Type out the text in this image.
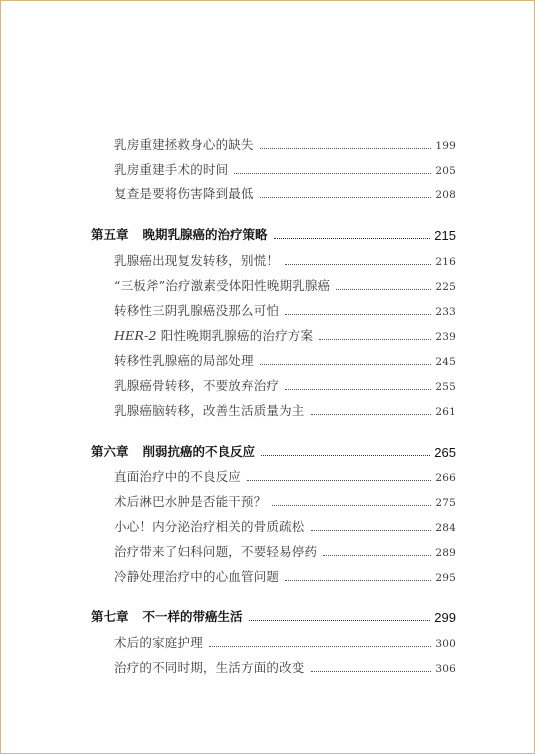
乳房重建拯救身心的缺失	199
乳房重建手术的时间	205
复查是要将伤害降到最低	208
第五章 晚期乳腺癌的治疗策略	215
乳腺癌出现复发转移，别慌！	216
“三板斧”治疗激素受体阳性晚期乳腺癌	225
转移性三阴乳腺癌没那么可怕	233
HER-2 阳性晚期乳腺癌的治疗方案	239
转移性乳腺癌的局部处理	245
乳腺癌骨转移，不要放弃治疗	255
乳腺癌脑转移，改善生活质量为主	261
第六章 削弱抗癌的不良反应	265
直面治疗中的不良反应	266
术后淋巴水肿是否能干预？	275
小心！内分泌治疗相关的骨质疏松	284
治疗带来了妇科问题，不要轻易停药	289
冷静处理治疗中的心血管问题	295
第七章 不一样的带癌生活	299
术后的家庭护理	300
治疗的不同时期，生活方面的改变	306
